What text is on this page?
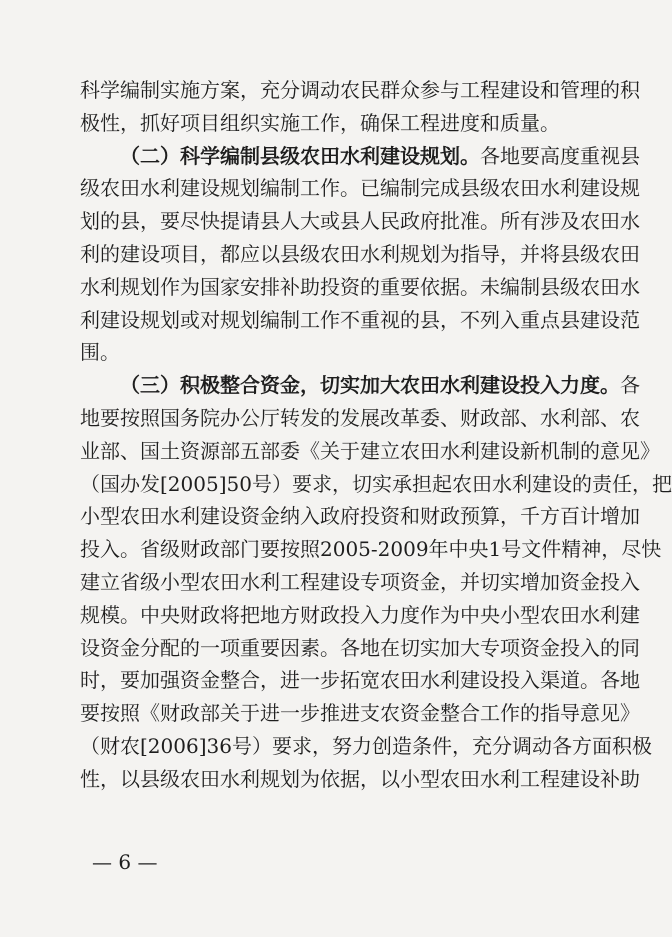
科学编制实施方案，充分调动农民群众参与工程建设和管理的积
极性，抓好项目组织实施工作，确保工程进度和质量。
（二）科学编制县级农田水利建设规划。各地要高度重视县
级农田水利建设规划编制工作。已编制完成县级农田水利建设规
划的县，要尽快提请县人大或县人民政府批准。所有涉及农田水
利的建设项目，都应以县级农田水利规划为指导，并将县级农田
水利规划作为国家安排补助投资的重要依据。未编制县级农田水
利建设规划或对规划编制工作不重视的县，不列入重点县建设范
围。
（三）积极整合资金，切实加大农田水利建设投入力度。各
地要按照国务院办公厅转发的发展改革委、财政部、水利部、农
业部、国土资源部五部委《关于建立农田水利建设新机制的意见》
（国办发[2005]50号）要求，切实承担起农田水利建设的责任，把
小型农田水利建设资金纳入政府投资和财政预算，千方百计增加
投入。省级财政部门要按照2005-2009年中央1号文件精神，尽快
建立省级小型农田水利工程建设专项资金，并切实增加资金投入
规模。中央财政将把地方财政投入力度作为中央小型农田水利建
设资金分配的一项重要因素。各地在切实加大专项资金投入的同
时，要加强资金整合，进一步拓宽农田水利建设投入渠道。各地
要按照《财政部关于进一步推进支农资金整合工作的指导意见》
（财农[2006]36号）要求，努力创造条件，充分调动各方面积极
性，以县级农田水利规划为依据，以小型农田水利工程建设补助
— 6 —
